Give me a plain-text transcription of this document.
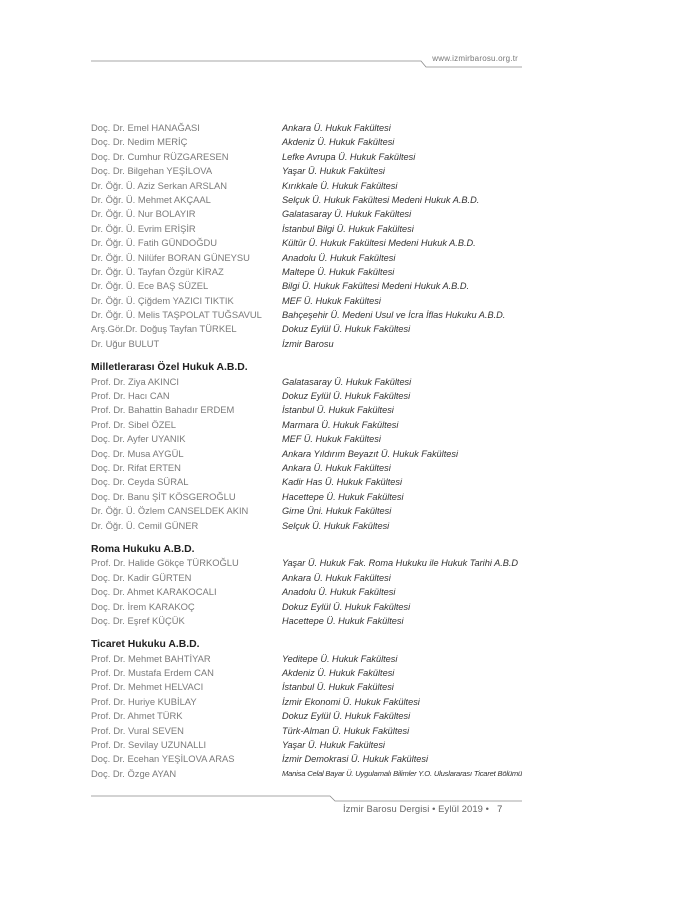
www.izmirbarosu.org.tr
Doç. Dr. Emel HANAĞASI	Ankara Ü. Hukuk Fakültesi
Doç. Dr. Nedim MERİÇ	Akdeniz Ü. Hukuk Fakültesi
Doç. Dr. Cumhur RÜZGARESEN	Lefke Avrupa Ü. Hukuk Fakültesi
Doç. Dr. Bilgehan YEŞİLOVA	Yaşar Ü. Hukuk Fakültesi
Dr. Öğr. Ü. Aziz Serkan ARSLAN	Kırıkkale Ü. Hukuk Fakültesi
Dr. Öğr. Ü. Mehmet AKÇAAL	Selçuk Ü. Hukuk Fakültesi Medeni Hukuk A.B.D.
Dr. Öğr. Ü. Nur BOLAYIR	Galatasaray Ü. Hukuk Fakültesi
Dr. Öğr. Ü. Evrim ERİŞİR	İstanbul Bilgi Ü. Hukuk Fakültesi
Dr. Öğr. Ü. Fatih GÜNDOĞDU	Kültür Ü. Hukuk Fakültesi Medeni Hukuk A.B.D.
Dr. Öğr. Ü. Nilüfer BORAN GÜNEYSU	Anadolu Ü. Hukuk Fakültesi
Dr. Öğr. Ü. Tayfan Özgür KİRAZ	Maltepe Ü. Hukuk Fakültesi
Dr. Öğr. Ü. Ece BAŞ SÜZEL	Bilgi Ü. Hukuk Fakültesi Medeni Hukuk A.B.D.
Dr. Öğr. Ü. Çiğdem YAZICI TIKTIK	MEF Ü. Hukuk Fakültesi
Dr. Öğr. Ü. Melis TAŞPOLAT TUĞSAVUL	Bahçeşehir Ü. Medeni Usul ve İcra İflas Hukuku A.B.D.
Arş.Gör.Dr. Doğuş Tayfan TÜRKEL	Dokuz Eylül Ü. Hukuk Fakültesi
Dr. Uğur BULUT	İzmir Barosu
Milletlerarası Özel Hukuk A.B.D.
Prof. Dr. Ziya AKINCI	Galatasaray Ü. Hukuk Fakültesi
Prof. Dr. Hacı CAN	Dokuz Eylül Ü. Hukuk Fakültesi
Prof. Dr. Bahattin Bahadır ERDEM	İstanbul Ü. Hukuk Fakültesi
Prof. Dr. Sibel ÖZEL	Marmara Ü. Hukuk Fakültesi
Doç. Dr. Ayfer UYANIK	MEF Ü. Hukuk Fakültesi
Doç. Dr. Musa AYGÜL	Ankara Yıldırım Beyazıt Ü. Hukuk Fakültesi
Doç. Dr. Rifat ERTEN	Ankara Ü. Hukuk Fakültesi
Doç. Dr. Ceyda SÜRAL	Kadir Has Ü. Hukuk Fakültesi
Doç. Dr. Banu ŞİT KÖSGEROĞLU	Hacettepe Ü. Hukuk Fakültesi
Dr. Öğr. Ü. Özlem CANSELDEK AKIN	Girne Üni. Hukuk Fakültesi
Dr. Öğr. Ü. Cemil GÜNER	Selçuk Ü. Hukuk Fakültesi
Roma Hukuku A.B.D.
Prof. Dr. Halide Gökçe TÜRKOĞLU	Yaşar Ü. Hukuk Fak. Roma Hukuku ile Hukuk Tarihi A.B.D
Doç. Dr. Kadir GÜRTEN	Ankara Ü. Hukuk Fakültesi
Doç. Dr. Ahmet KARAKOCALI	Anadolu Ü. Hukuk Fakültesi
Doç. Dr. İrem KARAKOÇ	Dokuz Eylül Ü. Hukuk Fakültesi
Doç. Dr. Eşref KÜÇÜK	Hacettepe Ü. Hukuk Fakültesi
Ticaret Hukuku A.B.D.
Prof. Dr. Mehmet BAHTİYAR	Yeditepe Ü. Hukuk Fakültesi
Prof. Dr. Mustafa Erdem CAN	Akdeniz Ü. Hukuk Fakültesi
Prof. Dr. Mehmet HELVACI	İstanbul Ü. Hukuk Fakültesi
Prof. Dr. Huriye KUBİLAY	İzmir Ekonomi Ü. Hukuk Fakültesi
Prof. Dr. Ahmet TÜRK	Dokuz Eylül Ü. Hukuk Fakültesi
Prof. Dr. Vural SEVEN	Türk-Alman Ü. Hukuk Fakültesi
Prof. Dr. Sevilay UZUNALLI	Yaşar Ü. Hukuk Fakültesi
Doç. Dr. Ecehan YEŞİLOVA ARAS	İzmir Demokrasi Ü. Hukuk Fakültesi
Doç. Dr. Özge AYAN	Manisa Celal Bayar Ü. Uygulamalı Bilimler Y.O. Uluslararası Ticaret Bölümü
İzmir Barosu Dergisi • Eylül 2019 • 7
